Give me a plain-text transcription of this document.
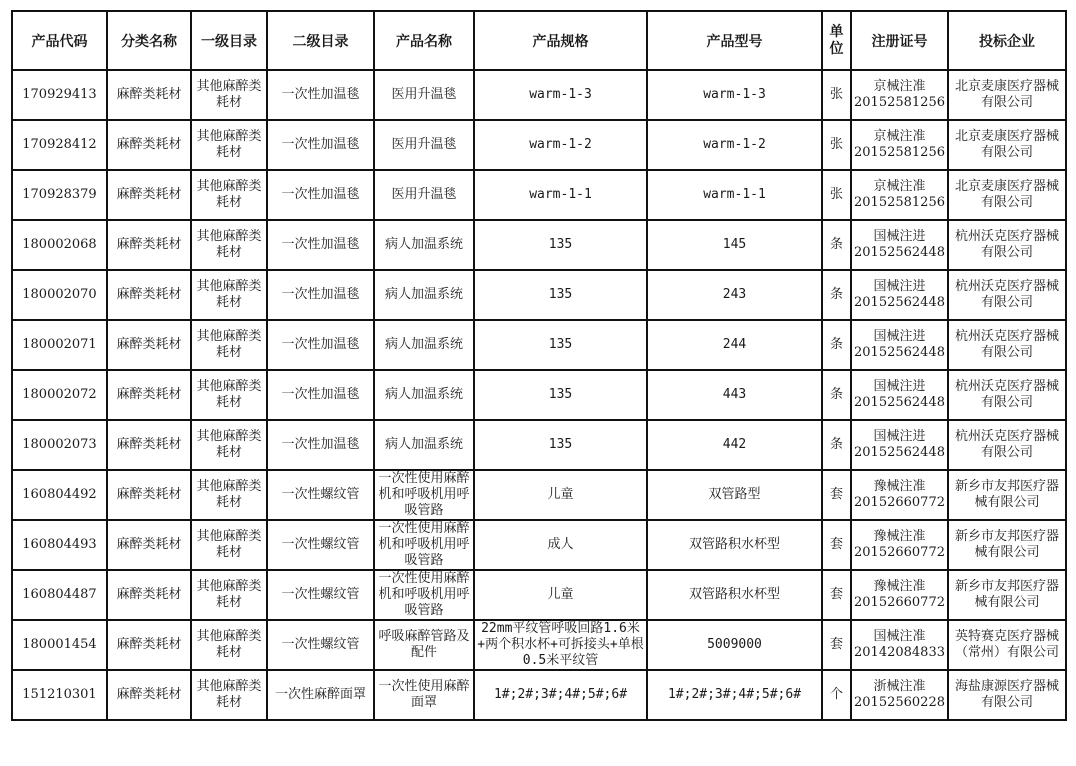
产品代码	分类名称	一级目录	二级目录	产品名称	产品规格	产品型号	单位	注册证号	投标企业
170929413	麻醉类耗材	其他麻醉类耗材	一次性加温毯	医用升温毯	warm-1-3	warm-1-3	张	京械注准20152581256	北京麦康医疗器械有限公司
170928412	麻醉类耗材	其他麻醉类耗材	一次性加温毯	医用升温毯	warm-1-2	warm-1-2	张	京械注准20152581256	北京麦康医疗器械有限公司
170928379	麻醉类耗材	其他麻醉类耗材	一次性加温毯	医用升温毯	warm-1-1	warm-1-1	张	京械注准20152581256	北京麦康医疗器械有限公司
180002068	麻醉类耗材	其他麻醉类耗材	一次性加温毯	病人加温系统	135	145	条	国械注进20152562448	杭州沃克医疗器械有限公司
180002070	麻醉类耗材	其他麻醉类耗材	一次性加温毯	病人加温系统	135	243	条	国械注进20152562448	杭州沃克医疗器械有限公司
180002071	麻醉类耗材	其他麻醉类耗材	一次性加温毯	病人加温系统	135	244	条	国械注进20152562448	杭州沃克医疗器械有限公司
180002072	麻醉类耗材	其他麻醉类耗材	一次性加温毯	病人加温系统	135	443	条	国械注进20152562448	杭州沃克医疗器械有限公司
180002073	麻醉类耗材	其他麻醉类耗材	一次性加温毯	病人加温系统	135	442	条	国械注进20152562448	杭州沃克医疗器械有限公司
160804492	麻醉类耗材	其他麻醉类耗材	一次性螺纹管	一次性使用麻醉机和呼吸机用呼吸管路	儿童	双管路型	套	豫械注准20152660772	新乡市友邦医疗器械有限公司
160804493	麻醉类耗材	其他麻醉类耗材	一次性螺纹管	一次性使用麻醉机和呼吸机用呼吸管路	成人	双管路积水杯型	套	豫械注准20152660772	新乡市友邦医疗器械有限公司
160804487	麻醉类耗材	其他麻醉类耗材	一次性螺纹管	一次性使用麻醉机和呼吸机用呼吸管路	儿童	双管路积水杯型	套	豫械注准20152660772	新乡市友邦医疗器械有限公司
180001454	麻醉类耗材	其他麻醉类耗材	一次性螺纹管	呼吸麻醉管路及配件	22mm平纹管呼吸回路1.6米+两个积水杯+可拆接头+单根0.5米平纹管	5009000	套	国械注准20142084833	英特赛克医疗器械（常州）有限公司
151210301	麻醉类耗材	其他麻醉类耗材	一次性麻醉面罩	一次性使用麻醉面罩	1#;2#;3#;4#;5#;6#	1#;2#;3#;4#;5#;6#	个	浙械注准20152560228	海盐康源医疗器械有限公司
